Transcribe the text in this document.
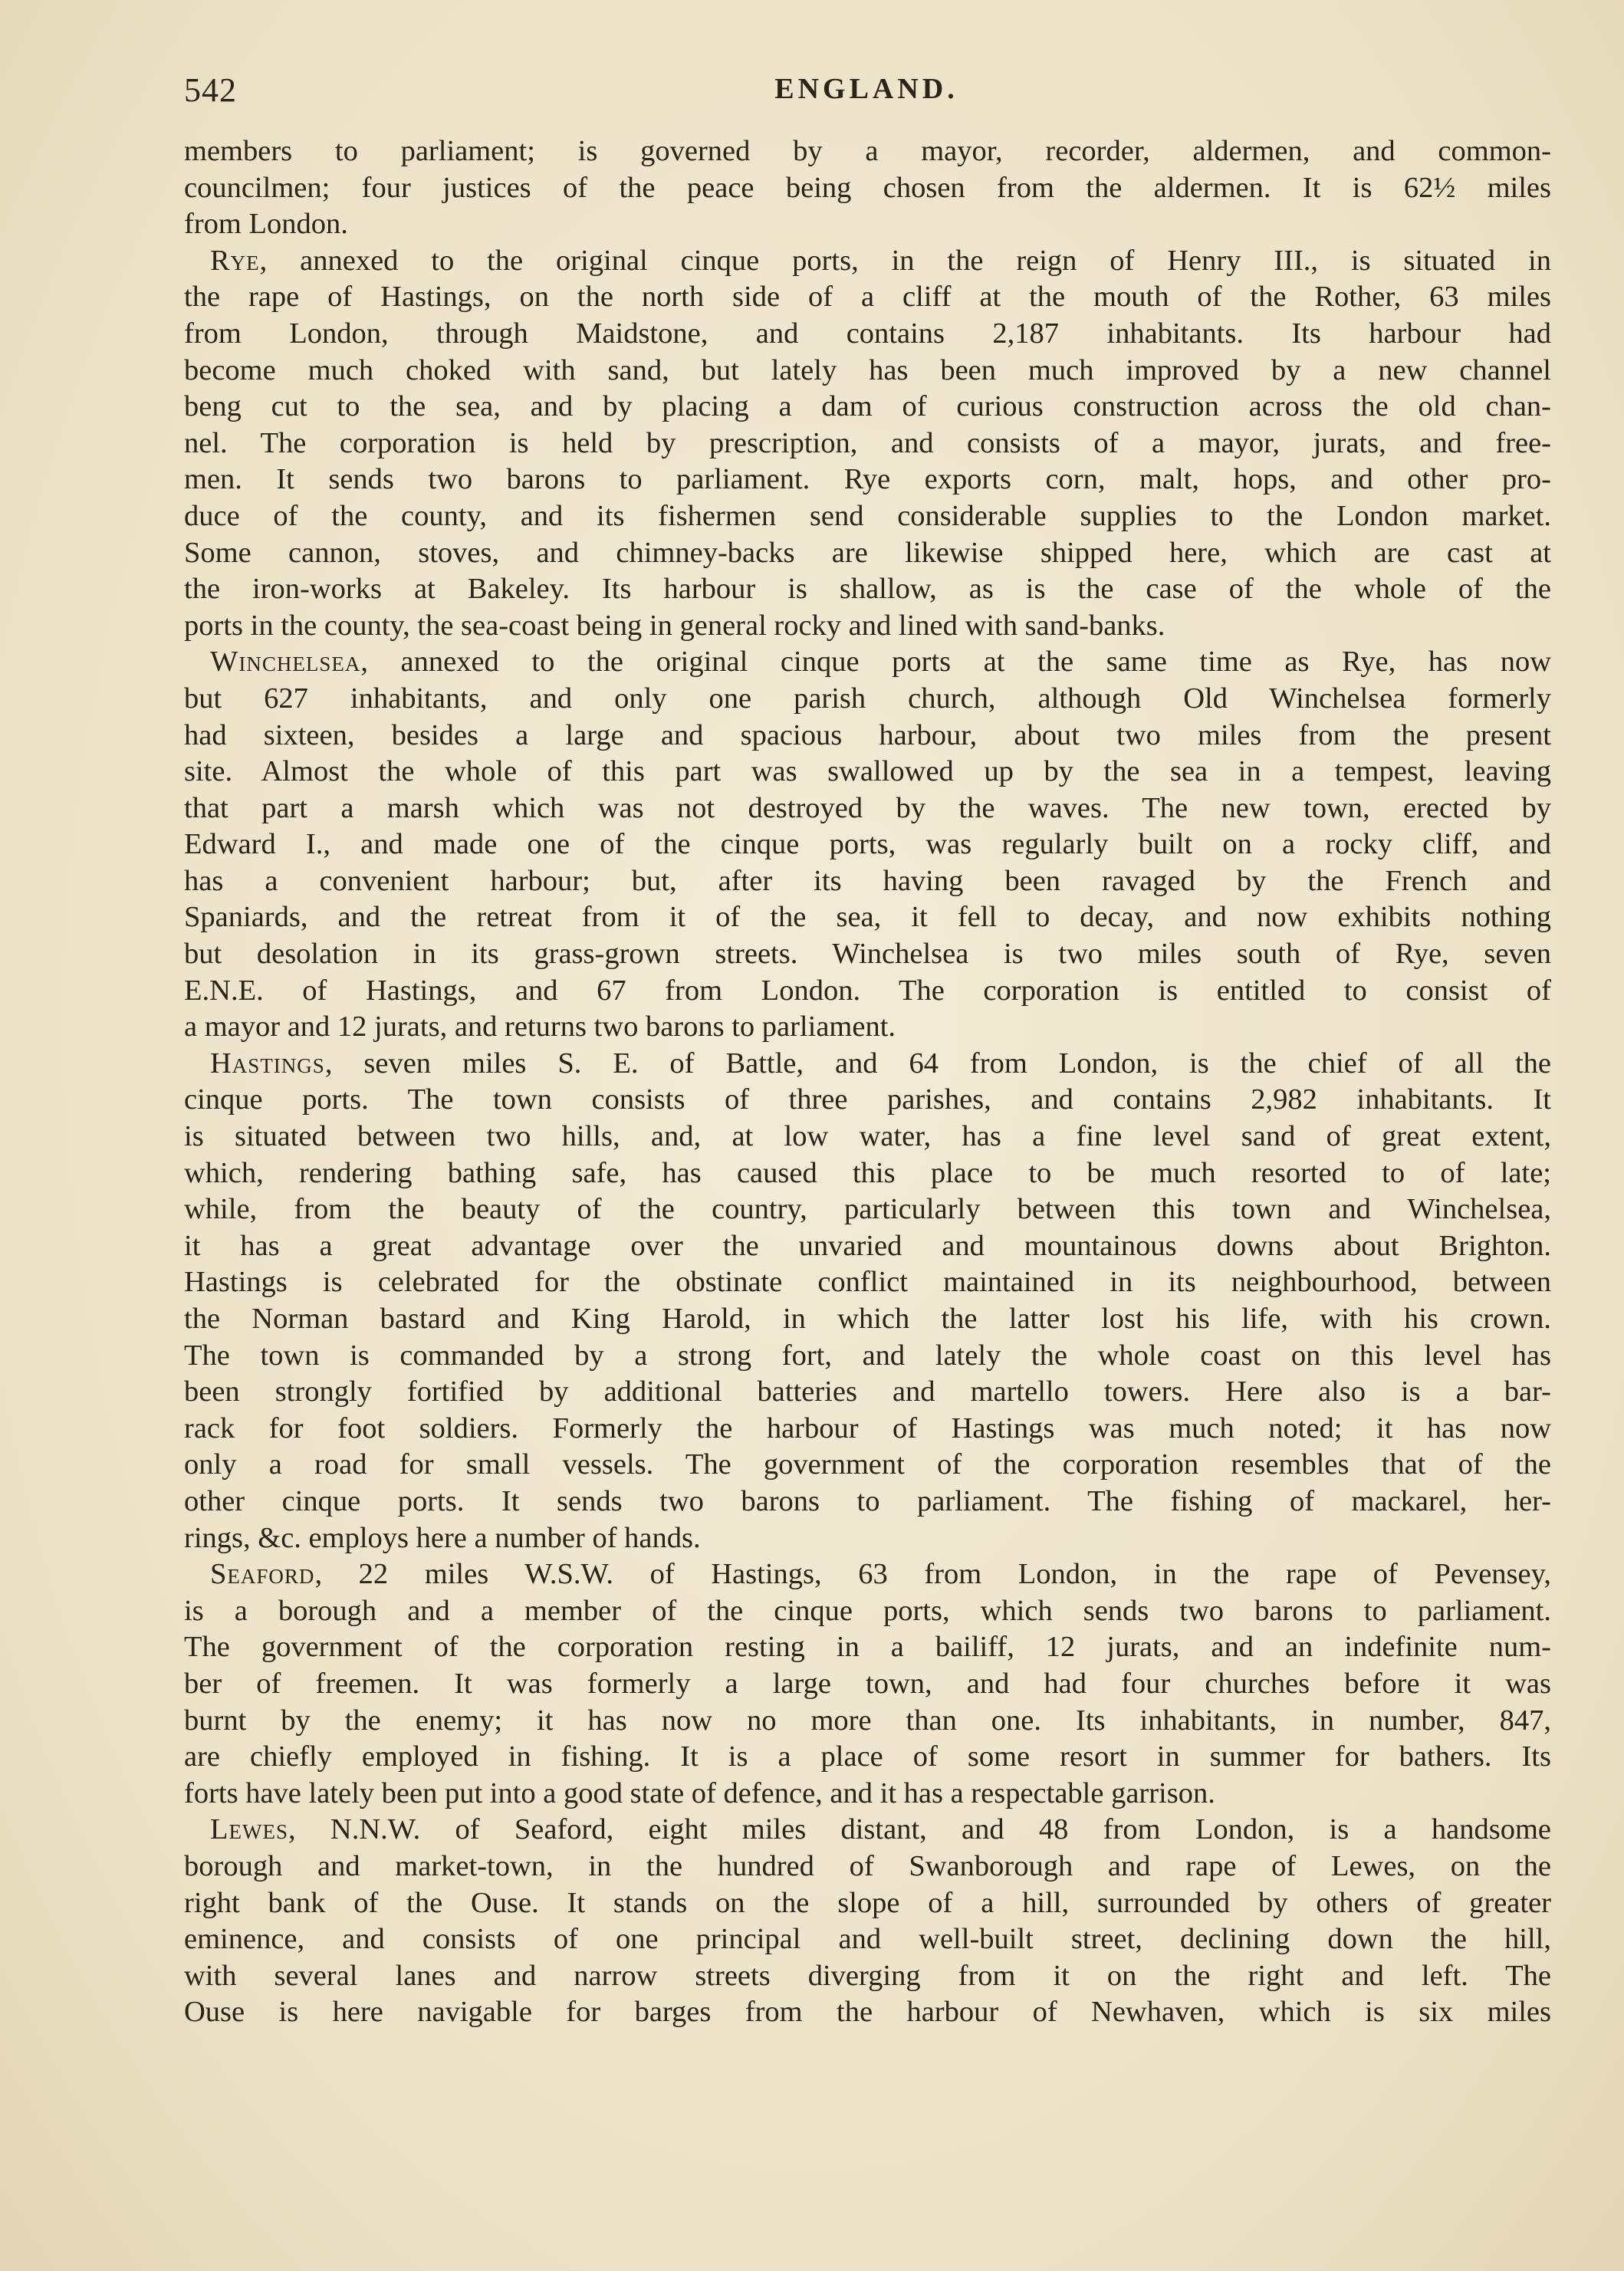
542	ENGLAND.
members to parliament; is governed by a mayor, recorder, aldermen, and common-
councilmen; four justices of the peace being chosen from the aldermen. It is 62½ miles
from London.
Rye, annexed to the original cinque ports, in the reign of Henry III., is situated in
the rape of Hastings, on the north side of a cliff at the mouth of the Rother, 63 miles
from London, through Maidstone, and contains 2,187 inhabitants. Its harbour had
become much choked with sand, but lately has been much improved by a new channel
beng cut to the sea, and by placing a dam of curious construction across the old chan-
nel. The corporation is held by prescription, and consists of a mayor, jurats, and free-
men. It sends two barons to parliament. Rye exports corn, malt, hops, and other pro-
duce of the county, and its fishermen send considerable supplies to the London market.
Some cannon, stoves, and chimney-backs are likewise shipped here, which are cast at
the iron-works at Bakeley. Its harbour is shallow, as is the case of the whole of the
ports in the county, the sea-coast being in general rocky and lined with sand-banks.
Winchelsea, annexed to the original cinque ports at the same time as Rye, has now
but 627 inhabitants, and only one parish church, although Old Winchelsea formerly
had sixteen, besides a large and spacious harbour, about two miles from the present
site. Almost the whole of this part was swallowed up by the sea in a tempest, leaving
that part a marsh which was not destroyed by the waves. The new town, erected by
Edward I., and made one of the cinque ports, was regularly built on a rocky cliff, and
has a convenient harbour; but, after its having been ravaged by the French and
Spaniards, and the retreat from it of the sea, it fell to decay, and now exhibits nothing
but desolation in its grass-grown streets. Winchelsea is two miles south of Rye, seven
E.N.E. of Hastings, and 67 from London. The corporation is entitled to consist of
a mayor and 12 jurats, and returns two barons to parliament.
Hastings, seven miles S. E. of Battle, and 64 from London, is the chief of all the
cinque ports. The town consists of three parishes, and contains 2,982 inhabitants. It
is situated between two hills, and, at low water, has a fine level sand of great extent,
which, rendering bathing safe, has caused this place to be much resorted to of late;
while, from the beauty of the country, particularly between this town and Winchelsea,
it has a great advantage over the unvaried and mountainous downs about Brighton.
Hastings is celebrated for the obstinate conflict maintained in its neighbourhood, between
the Norman bastard and King Harold, in which the latter lost his life, with his crown.
The town is commanded by a strong fort, and lately the whole coast on this level has
been strongly fortified by additional batteries and martello towers. Here also is a bar-
rack for foot soldiers. Formerly the harbour of Hastings was much noted; it has now
only a road for small vessels. The government of the corporation resembles that of the
other cinque ports. It sends two barons to parliament. The fishing of mackarel, her-
rings, &c. employs here a number of hands.
Seaford, 22 miles W.S.W. of Hastings, 63 from London, in the rape of Pevensey,
is a borough and a member of the cinque ports, which sends two barons to parliament.
The government of the corporation resting in a bailiff, 12 jurats, and an indefinite num-
ber of freemen. It was formerly a large town, and had four churches before it was
burnt by the enemy; it has now no more than one. Its inhabitants, in number, 847,
are chiefly employed in fishing. It is a place of some resort in summer for bathers. Its
forts have lately been put into a good state of defence, and it has a respectable garrison.
Lewes, N.N.W. of Seaford, eight miles distant, and 48 from London, is a handsome
borough and market-town, in the hundred of Swanborough and rape of Lewes, on the
right bank of the Ouse. It stands on the slope of a hill, surrounded by others of greater
eminence, and consists of one principal and well-built street, declining down the hill,
with several lanes and narrow streets diverging from it on the right and left. The
Ouse is here navigable for barges from the harbour of Newhaven, which is six miles
